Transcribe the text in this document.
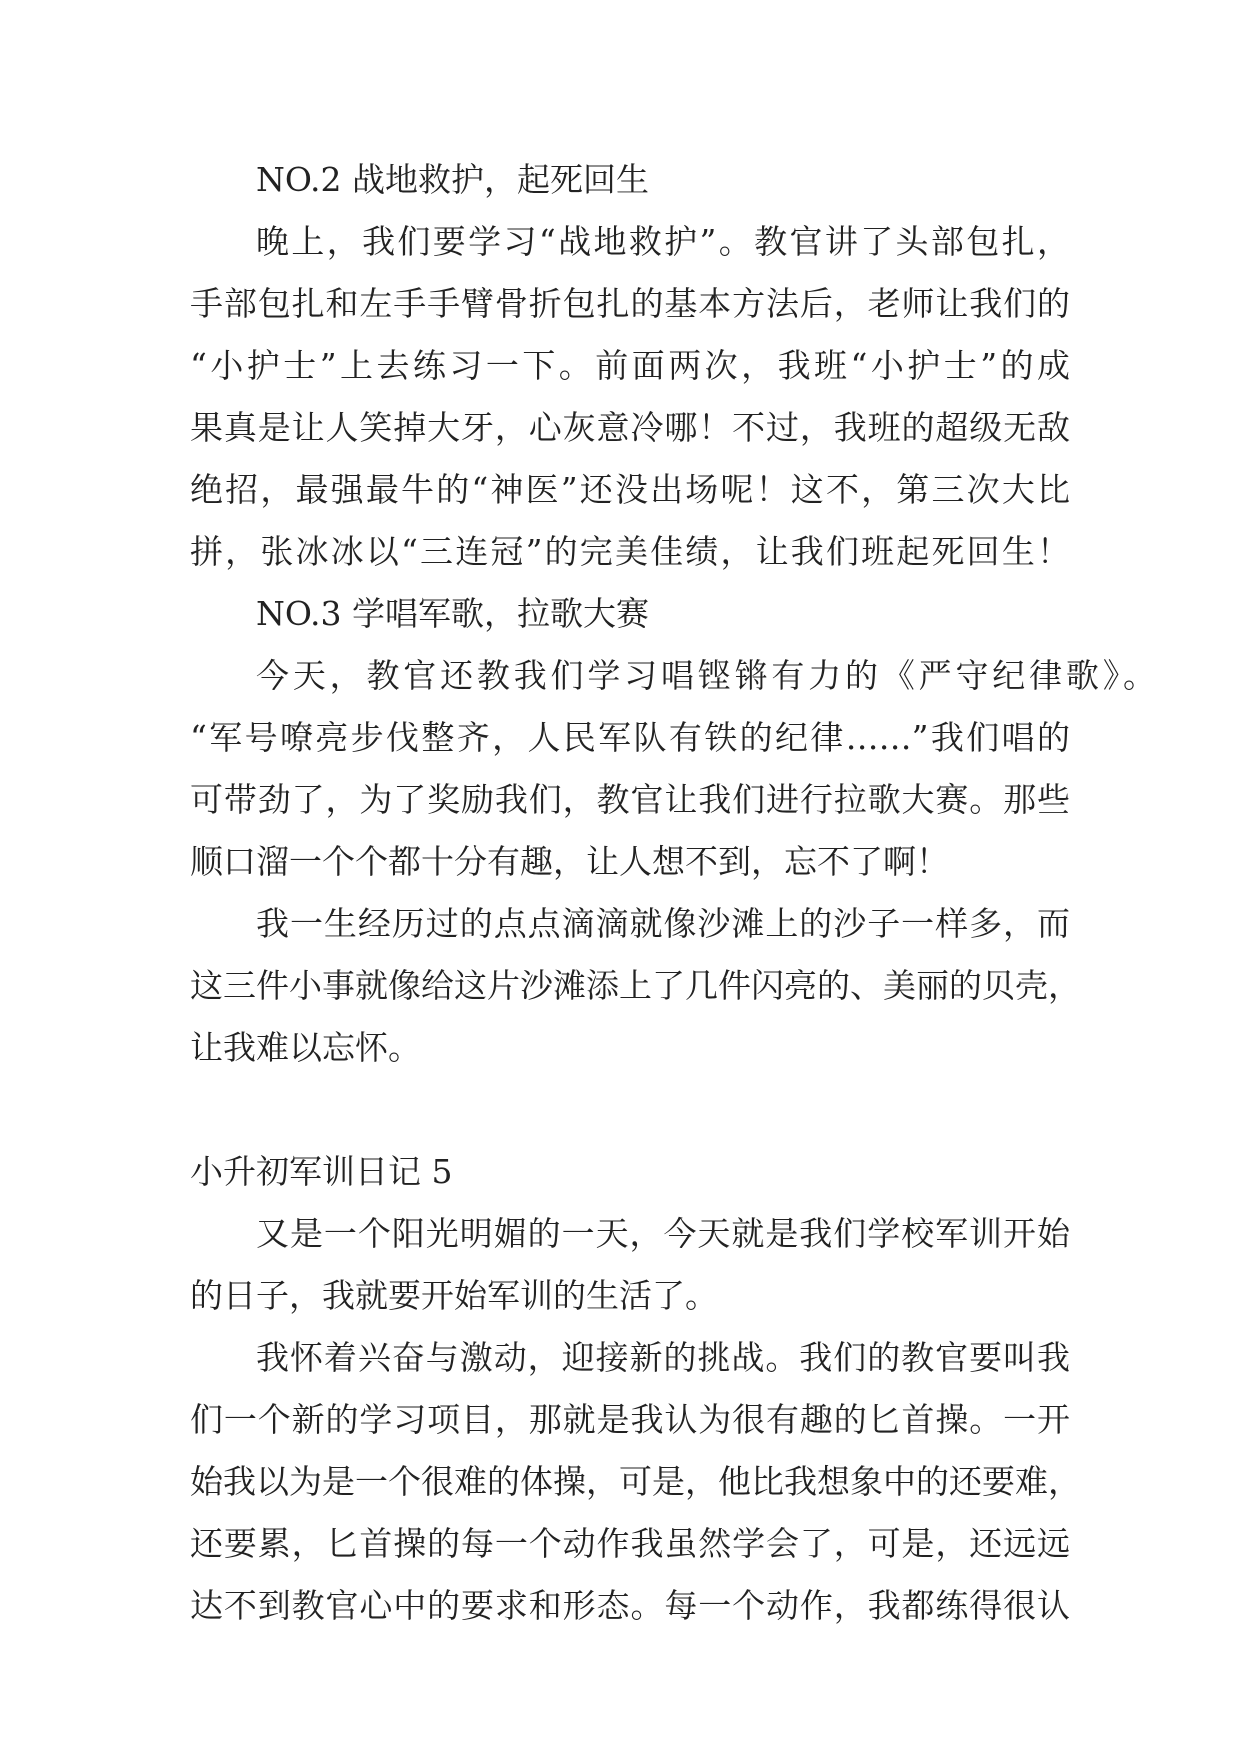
NO.2 战地救护，起死回生
晚上，我们要学习“战地救护”。教官讲了头部包扎，
手部包扎和左手手臂骨折包扎的基本方法后，老师让我们的
“小护士”上去练习一下。前面两次，我班“小护士”的成
果真是让人笑掉大牙，心灰意冷哪！不过，我班的超级无敌
绝招，最强最牛的“神医”还没出场呢！这不，第三次大比
拼，张冰冰以“三连冠”的完美佳绩，让我们班起死回生！
NO.3 学唱军歌，拉歌大赛
今天，教官还教我们学习唱铿锵有力的《严守纪律歌》。
“军号嘹亮步伐整齐，人民军队有铁的纪律……”我们唱的
可带劲了，为了奖励我们，教官让我们进行拉歌大赛。那些
顺口溜一个个都十分有趣，让人想不到，忘不了啊！
我一生经历过的点点滴滴就像沙滩上的沙子一样多，而
这三件小事就像给这片沙滩添上了几件闪亮的、美丽的贝壳，
让我难以忘怀。
小升初军训日记 5
又是一个阳光明媚的一天，今天就是我们学校军训开始
的日子，我就要开始军训的生活了。
我怀着兴奋与激动，迎接新的挑战。我们的教官要叫我
们一个新的学习项目，那就是我认为很有趣的匕首操。一开
始我以为是一个很难的体操，可是，他比我想象中的还要难，
还要累，匕首操的每一个动作我虽然学会了，可是，还远远
达不到教官心中的要求和形态。每一个动作，我都练得很认
